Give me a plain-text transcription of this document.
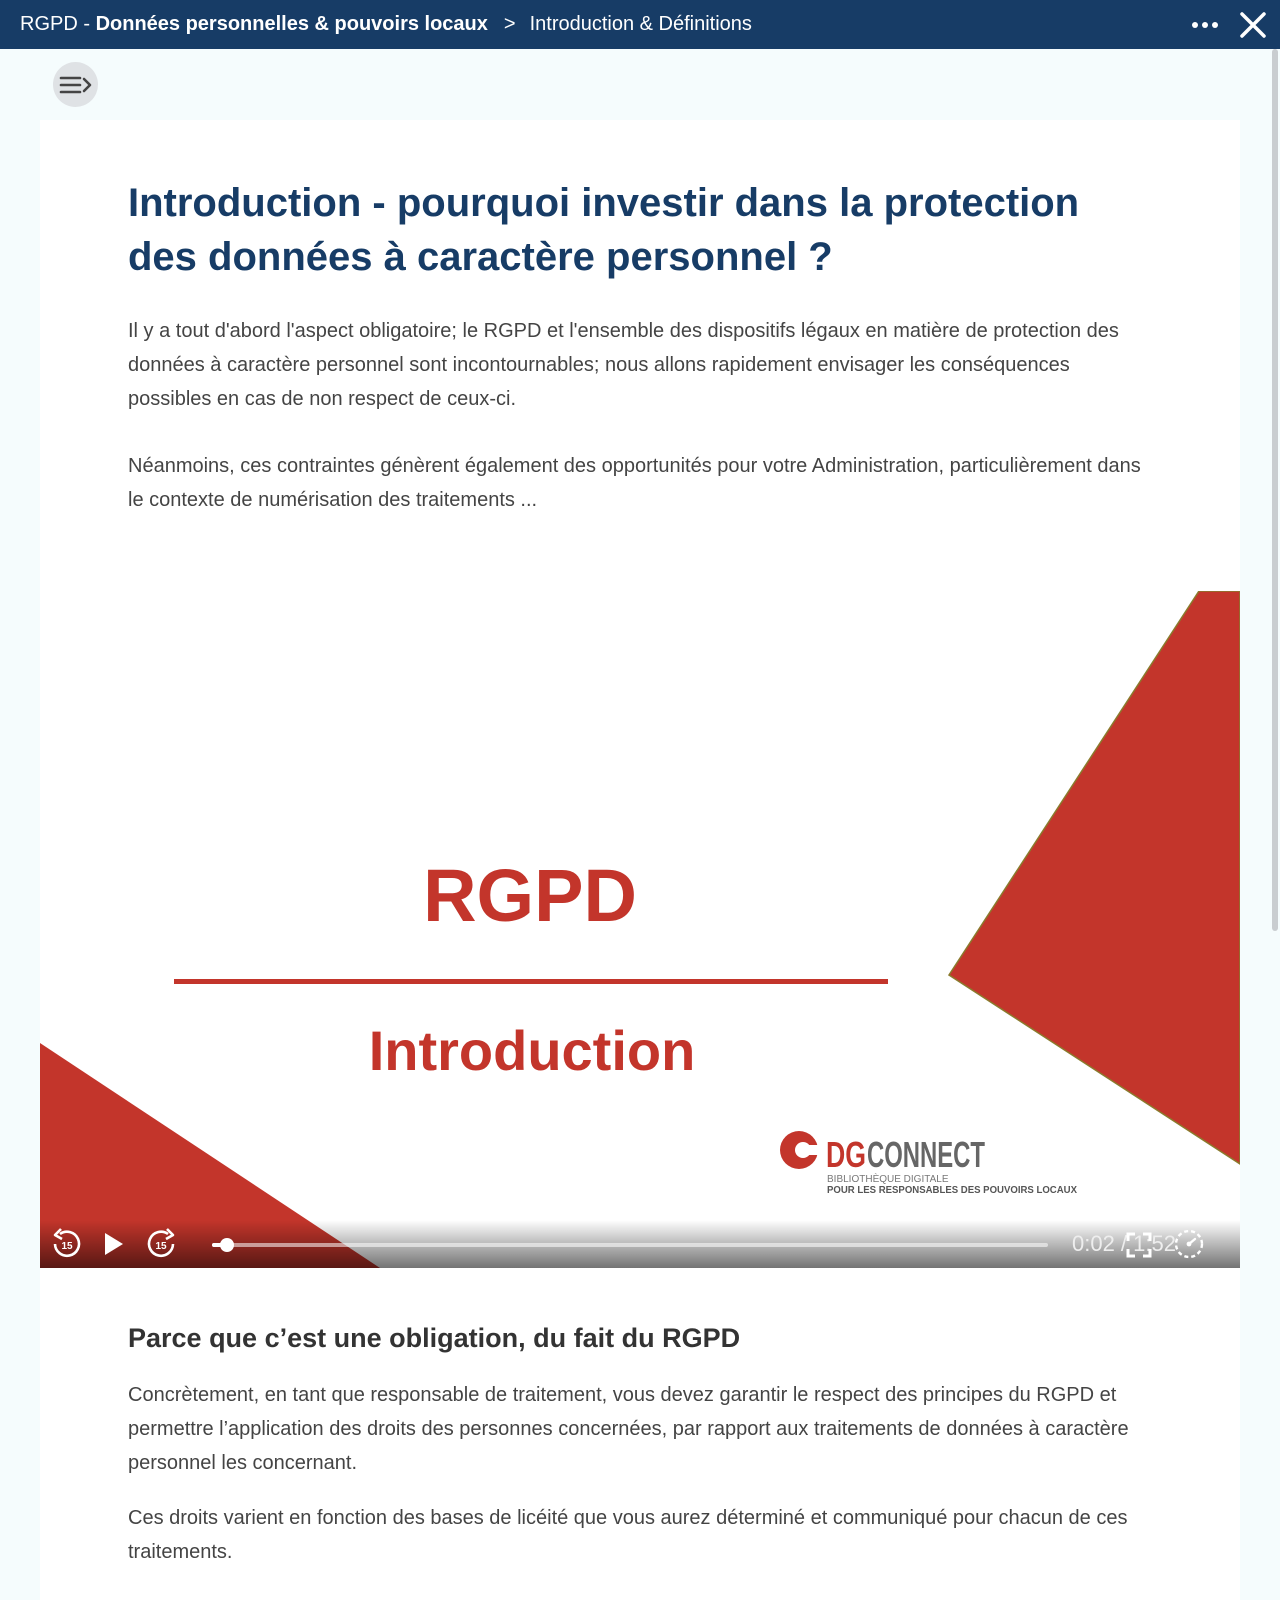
RGPD - Données personnelles & pouvoirs locaux > Introduction & Définitions
Introduction - pourquoi investir dans la protection des données à caractère personnel ?

Il y a tout d'abord l'aspect obligatoire; le RGPD et l'ensemble des dispositifs légaux en matière de protection des données à caractère personnel sont incontournables; nous allons rapidement envisager les conséquences possibles en cas de non respect de ceux-ci.

Néanmoins, ces contraintes génèrent également des opportunités pour votre Administration, particulièrement dans le contexte de numérisation des traitements ...

RGPD
Introduction
DG CONNECT
BIBLIOTHÈQUE DIGITALE
POUR LES RESPONSABLES DES POUVOIRS LOCAUX
15	15	0:02 / 1:52
Parce que c’est une obligation, du fait du RGPD

Concrètement, en tant que responsable de traitement, vous devez garantir le respect des principes du RGPD et permettre l’application des droits des personnes concernées, par rapport aux traitements de données à caractère personnel les concernant.

Ces droits varient en fonction des bases de licéité que vous aurez déterminé et communiqué pour chacun de ces traitements.
